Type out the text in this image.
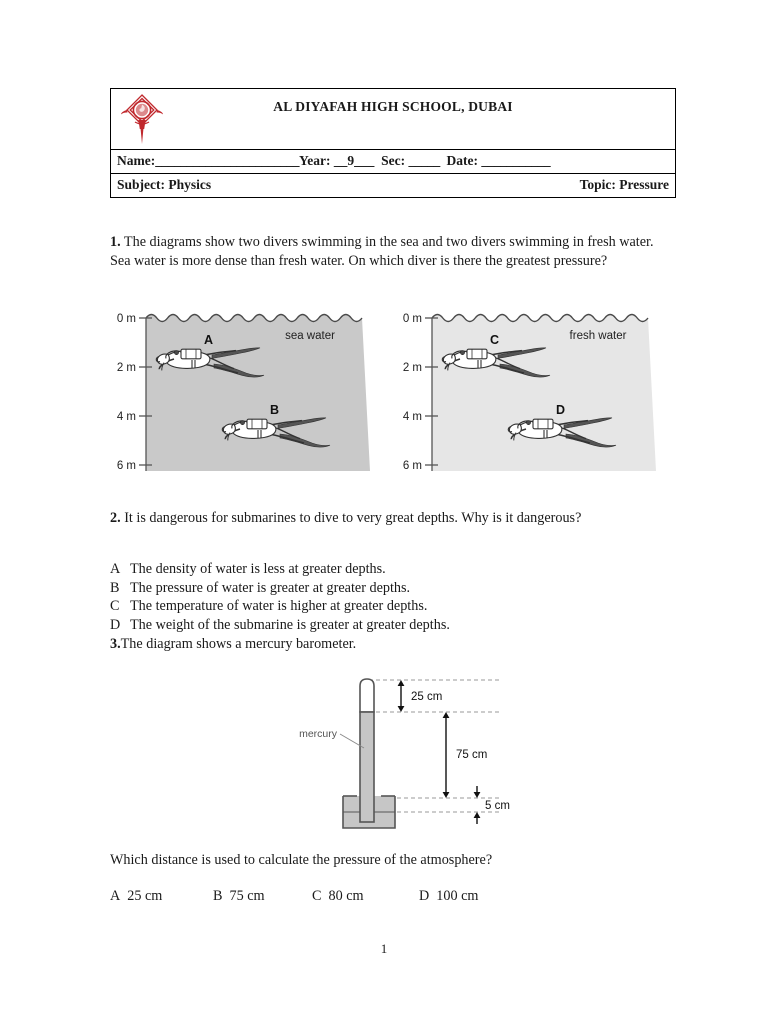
AL DIYAFAH HIGH SCHOOL, DUBAI
Name: _______________________ Year:
__9___
Sec:
_____
Date:
___________
Subject: Physics	Topic: Pressure
1. The diagrams show two divers swimming in the sea and two divers swimming in fresh water. Sea water is more dense than fresh water. On which diver is there the greatest pressure?
0 m
2 m
4 m
6 m
sea water
A
B
0 m
2 m
4 m
6 m
fresh water
C
D
2. It is dangerous for submarines to dive to very great depths. Why is it dangerous?
A The density of water is less at greater depths.
B The pressure of water is greater at greater depths.
C The temperature of water is higher at greater depths.
D The weight of the submarine is greater at greater depths.
3.The diagram shows a mercury barometer.
mercury
25 cm
75 cm
5 cm
Which distance is used to calculate the pressure of the atmosphere?
A 25 cm	B 75 cm	C 80 cm	D 100 cm
1
